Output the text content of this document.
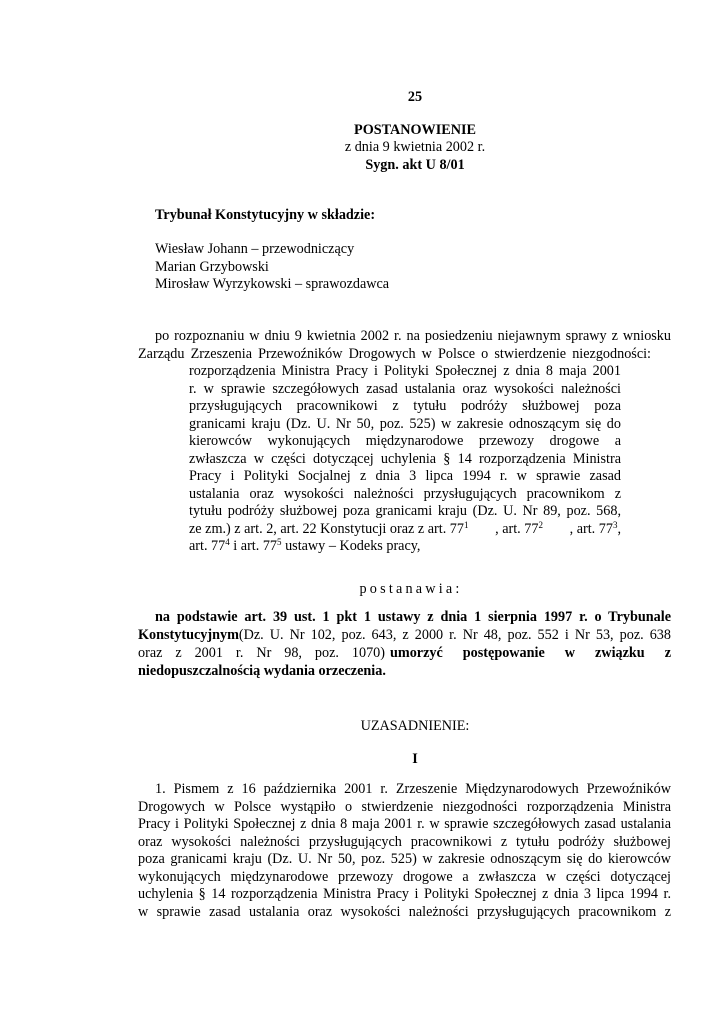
25
POSTANOWIENIE
z dnia 9 kwietnia 2002 r.
Sygn. akt U 8/01
Trybunał Konstytucyjny w składzie:
Wiesław Johann – przewodniczący
Marian Grzybowski
Mirosław Wyrzykowski – sprawozdawca
po rozpoznaniu w dniu 9 kwietnia 2002 r. na posiedzeniu niejawnym sprawy z wniosku
Zarządu Zrzeszenia Przewoźników Drogowych w Polsce o stwierdzenie niezgodności:
rozporządzenia Ministra Pracy i Polityki Społecznej z dnia 8 maja 2001
r. w sprawie szczegółowych zasad ustalania oraz wysokości należności
przysługujących pracownikowi z tytułu podróży służbowej poza
granicami kraju (Dz. U. Nr 50, poz. 525) w zakresie odnoszącym się do
kierowców wykonujących międzynarodowe przewozy drogowe a
zwłaszcza w części dotyczącej uchylenia § 14 rozporządzenia Ministra
Pracy i Polityki Socjalnej z dnia 3 lipca 1994 r. w sprawie zasad
ustalania oraz wysokości należności przysługujących pracownikom z
tytułu podróży służbowej poza granicami kraju (Dz. U. Nr 89, poz. 568,
ze zm.) z art. 2, art. 22 Konstytucji oraz z art. $77^1$ , art. $77^2$ , art. $77^3$,
art. $77^4$ i art. $77^5$ ustawy – Kodeks pracy,
postanawia:
na podstawie art. 39 ust. 1 pkt 1 ustawy z dnia 1 sierpnia 1997 r. o Trybunale
Konstytucyjnym (Dz. U. Nr 102, poz. 643, z 2000 r. Nr 48, poz. 552 i Nr 53, poz. 638
oraz z 2001 r. Nr 98, poz. 1070) umorzyć postępowanie w związku z
niedopuszczalnością wydania orzeczenia.
UZASADNIENIE:
I
1. Pismem z 16 października 2001 r. Zrzeszenie Międzynarodowych Przewoźników
Drogowych w Polsce wystąpiło o stwierdzenie niezgodności rozporządzenia Ministra
Pracy i Polityki Społecznej z dnia 8 maja 2001 r. w sprawie szczegółowych zasad ustalania
oraz wysokości należności przysługujących pracownikowi z tytułu podróży służbowej
poza granicami kraju (Dz. U. Nr 50, poz. 525) w zakresie odnoszącym się do kierowców
wykonujących międzynarodowe przewozy drogowe a zwłaszcza w części dotyczącej
uchylenia § 14 rozporządzenia Ministra Pracy i Polityki Społecznej z dnia 3 lipca 1994 r.
w sprawie zasad ustalania oraz wysokości należności przysługujących pracownikom z
